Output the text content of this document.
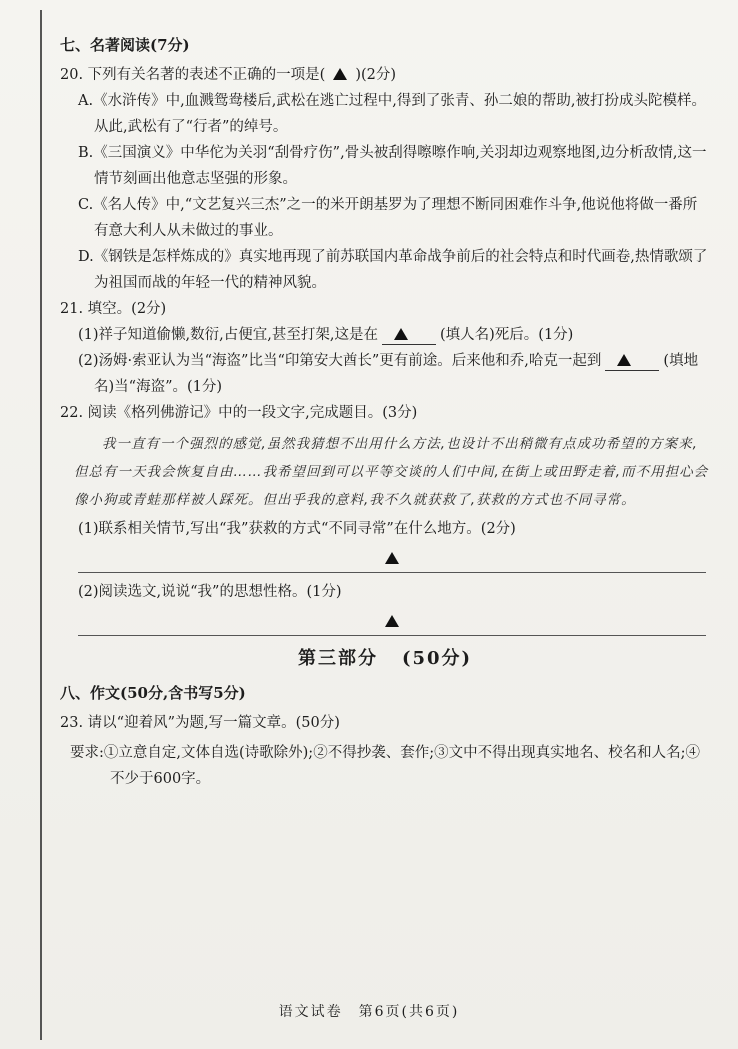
七、名著阅读(7分)

20. 下列有关名著的表述不正确的一项是( )(2分)

A.《水浒传》中,血溅鸳鸯楼后,武松在逃亡过程中,得到了张青、孙二娘的帮助,被打扮成头陀模样。从此,武松有了“行者”的绰号。

B.《三国演义》中华佗为关羽“刮骨疗伤”,骨头被刮得嚓嚓作响,关羽却边观察地图,边分析敌情,这一情节刻画出他意志坚强的形象。

C.《名人传》中,“文艺复兴三杰”之一的米开朗基罗为了理想不断同困难作斗争,他说他将做一番所有意大利人从未做过的事业。

D.《钢铁是怎样炼成的》真实地再现了前苏联国内革命战争前后的社会特点和时代画卷,热情歌颂了为祖国而战的年轻一代的精神风貌。

21. 填空。(2分)

(1)祥子知道偷懒,数衍,占便宜,甚至打架,这是在	(填人名)死后。(1分)

(2)汤姆·索亚认为当“海盗”比当“印第安大酋长”更有前途。后来他和乔,哈克一起到	(填地名)当“海盗”。(1分)

22. 阅读《格列佛游记》中的一段文字,完成题目。(3分)

我一直有一个强烈的感觉,虽然我猜想不出用什么方法,也设计不出稍微有点成功希望的方案来,但总有一天我会恢复自由……我希望回到可以平等交谈的人们中间,在街上或田野走着,而不用担心会像小狗或青蛙那样被人踩死。但出乎我的意料,我不久就获救了,获救的方式也不同寻常。

(1)联系相关情节,写出“我”获救的方式“不同寻常”在什么地方。(2分)

(2)阅读选文,说说“我”的思想性格。(1分)

第三部分 (50分)
八、作文(50分,含书写5分)

23. 请以“迎着风”为题,写一篇文章。(50分)

要求:①立意自定,文体自选(诗歌除外);②不得抄袭、套作;③文中不得出现真实地名、校名和人名;④不少于600字。

语文试卷　第6页(共6页)
